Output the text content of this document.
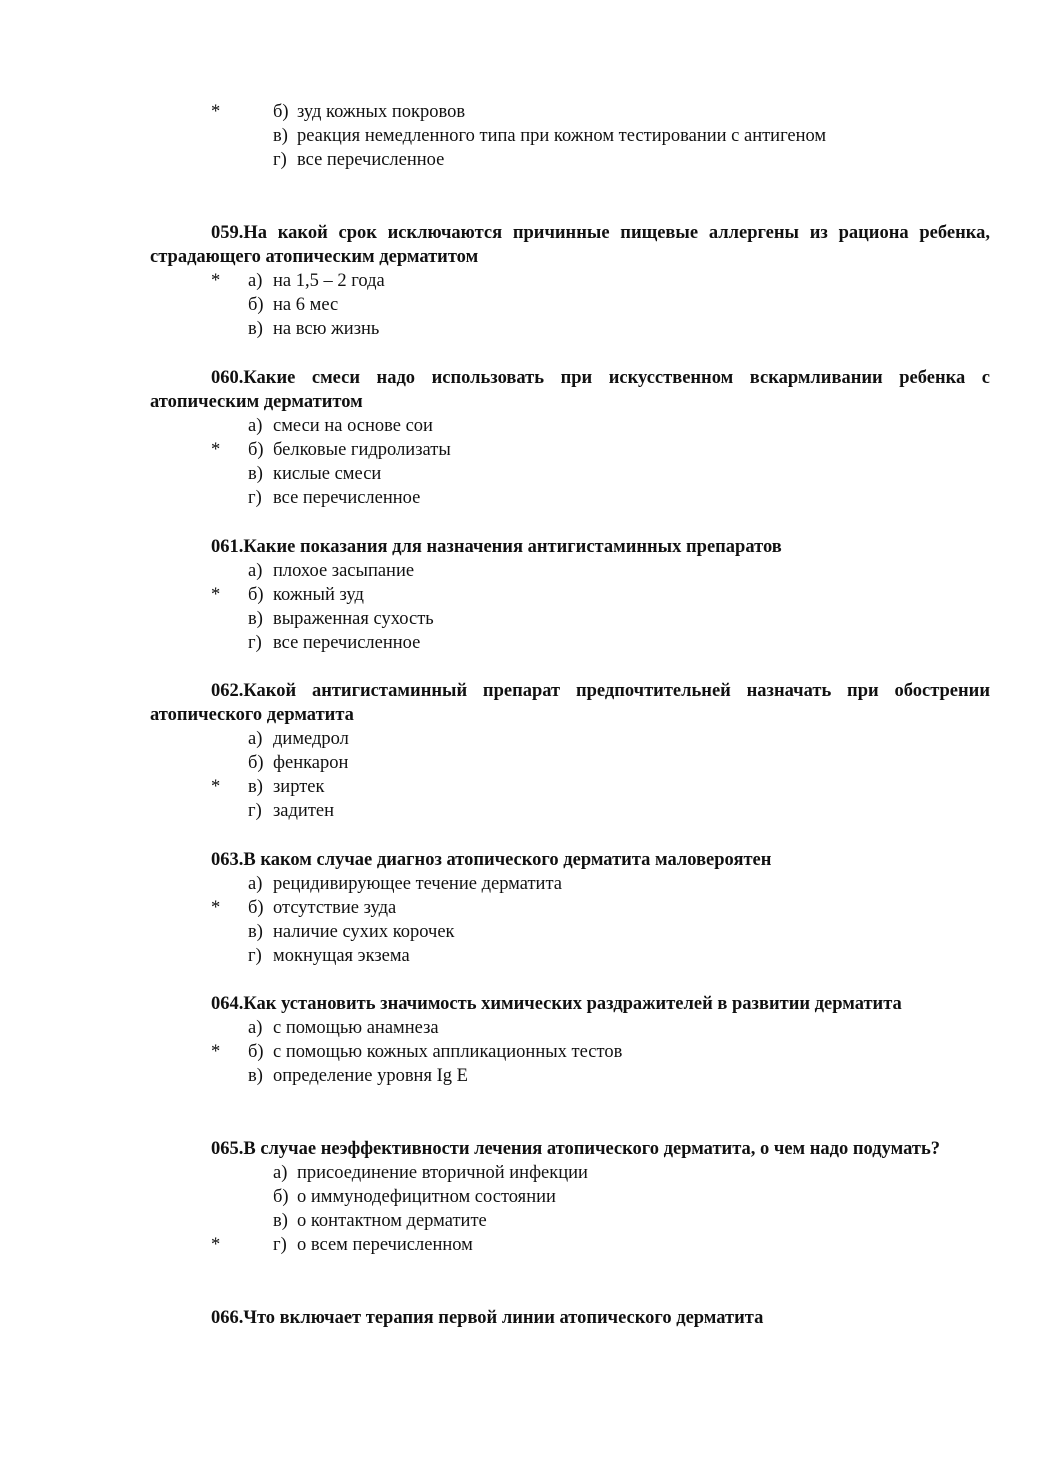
*	б) зуд кожных покровов
в) реакция немедленного типа при кожном тестировании с антигеном
г) все перечисленное
059.На какой срок исключаются причинные пищевые аллергены из рациона ребенка, страдающего атопическим дерматитом
* а) на 1,5 – 2 года
б) на 6 мес
в) на всю жизнь
060.Какие смеси надо использовать при искусственном вскармливании ребенка с атопическим дерматитом
а) смеси на основе сои
* б) белковые гидролизаты
в) кислые смеси
г) все перечисленное
061.Какие показания для назначения антигистаминных препаратов
а) плохое засыпание
* б) кожный зуд
в) выраженная сухость
г) все перечисленное
062.Какой антигистаминный препарат предпочтительней назначать при обострении атопического дерматита
а) димедрол
б) фенкарон
* в) зиртек
г) задитен
063.В каком случае диагноз атопического дерматита маловероятен
а) рецидивирующее течение дерматита
* б) отсутствие зуда
в) наличие сухих корочек
г) мокнущая экзема
064.Как установить значимость химических раздражителей в развитии дерматита
а) с помощью анамнеза
* б) с помощью кожных аппликационных тестов
в) определение уровня Ig E
065.В случае неэффективности лечения атопического дерматита, о чем надо подумать?
а) присоединение вторичной инфекции
б) о иммунодефицитном состоянии
в) о контактном дерматите
*	г) о всем перечисленном
066.Что включает терапия первой линии атопического дерматита
